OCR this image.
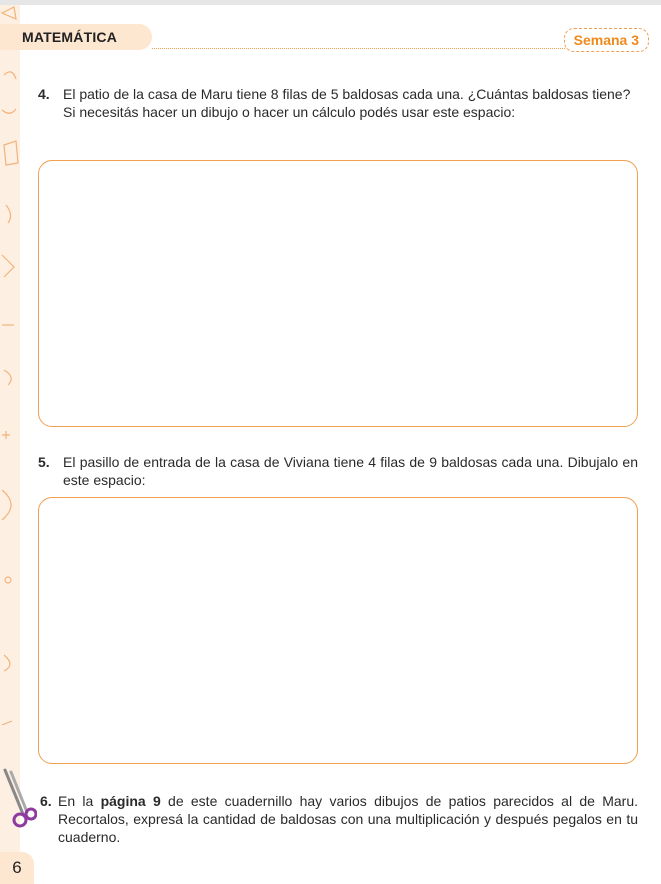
MATEMÁTICA	Semana 3
4. El patio de la casa de Maru tiene 8 filas de 5 baldosas cada una. ¿Cuántas baldosas tiene?
Si necesitás hacer un dibujo o hacer un cálculo podés usar este espacio:
5. El pasillo de entrada de la casa de Viviana tiene 4 filas de 9 baldosas cada una. Dibujalo en este espacio:
6. En la página 9 de este cuadernillo hay varios dibujos de patios parecidos al de Maru. Recortalos, expresá la cantidad de baldosas con una multiplicación y después pegalos en tu cuaderno.
6
